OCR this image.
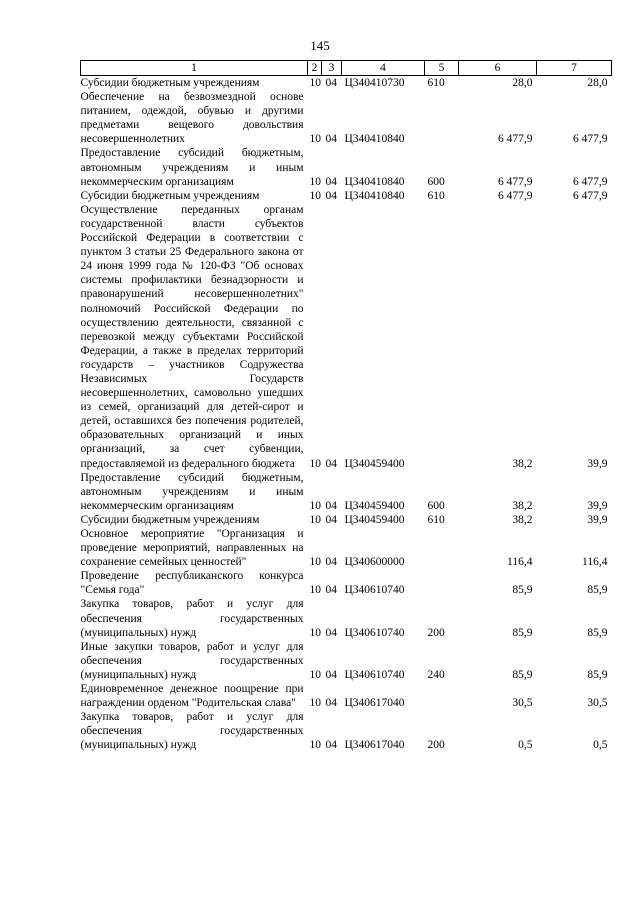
145
1	2	3	4	5	6	7
Субсидии бюджетным учреждениям	10	04	Ц340410730	610	28,0	28,0
Обеспечение на безвозмездной основе питанием, одеждой, обувью и другими предметами вещевого довольствия несовершеннолетних	10	04	Ц340410840		6 477,9	6 477,9
Предоставление субсидий бюджетным, автономным учреждениям и иным некоммерческим организациям	10	04	Ц340410840	600	6 477,9	6 477,9
Субсидии бюджетным учреждениям	10	04	Ц340410840	610	6 477,9	6 477,9
Осуществление переданных органам государственной власти субъектов Российской Федерации в соответствии с пунктом 3 статьи 25 Федерального закона от 24 июня 1999 года № 120-ФЗ "Об основах системы профилактики безнадзорности и правонарушений несовершеннолетних" полномочий Российской Федерации по осуществлению деятельности, связанной с перевозкой между субъектами Российской Федерации, а также в пределах территорий государств – участников Содружества Независимых Государств несовершеннолетних, самовольно ушедших из семей, организаций для детей-сирот и детей, оставшихся без попечения родителей, образовательных организаций и иных организаций, за счет субвенции, предоставляемой из федерального бюджета	10	04	Ц340459400		38,2	39,9
Предоставление субсидий бюджетным, автономным учреждениям и иным некоммерческим организациям	10	04	Ц340459400	600	38,2	39,9
Субсидии бюджетным учреждениям	10	04	Ц340459400	610	38,2	39,9
Основное мероприятие "Организация и проведение мероприятий, направленных на сохранение семейных ценностей"	10	04	Ц340600000		116,4	116,4
Проведение республиканского конкурса "Семья года"	10	04	Ц340610740		85,9	85,9
Закупка товаров, работ и услуг для обеспечения государственных (муниципальных) нужд	10	04	Ц340610740	200	85,9	85,9
Иные закупки товаров, работ и услуг для обеспечения государственных (муниципальных) нужд	10	04	Ц340610740	240	85,9	85,9
Единовременное денежное поощрение при награждении орденом "Родительская слава"	10	04	Ц340617040		30,5	30,5
Закупка товаров, работ и услуг для обеспечения государственных (муниципальных) нужд	10	04	Ц340617040	200	0,5	0,5
